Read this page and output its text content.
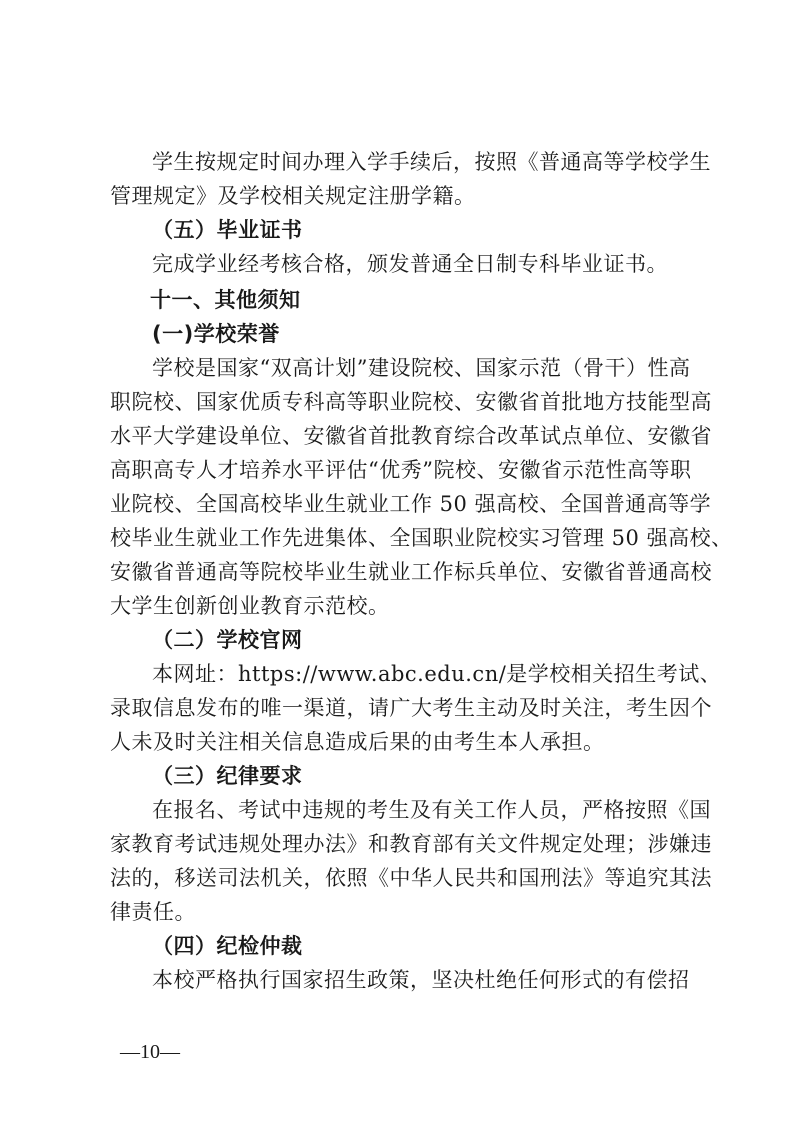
学生按规定时间办理入学手续后，按照《普通高等学校学生
管理规定》及学校相关规定注册学籍。
（五）毕业证书
完成学业经考核合格，颁发普通全日制专科毕业证书。
十一、其他须知
(一)学校荣誉
学校是国家“双高计划”建设院校、国家示范（骨干）性高
职院校、国家优质专科高等职业院校、安徽省首批地方技能型高
水平大学建设单位、安徽省首批教育综合改革试点单位、安徽省
高职高专人才培养水平评估“优秀”院校、安徽省示范性高等职
业院校、全国高校毕业生就业工作 50 强高校、全国普通高等学
校毕业生就业工作先进集体、全国职业院校实习管理 50 强高校、
安徽省普通高等院校毕业生就业工作标兵单位、安徽省普通高校
大学生创新创业教育示范校。
（二）学校官网
本网址：https://www.abc.edu.cn/是学校相关招生考试、
录取信息发布的唯一渠道，请广大考生主动及时关注，考生因个
人未及时关注相关信息造成后果的由考生本人承担。
（三）纪律要求
在报名、考试中违规的考生及有关工作人员，严格按照《国
家教育考试违规处理办法》和教育部有关文件规定处理；涉嫌违
法的，移送司法机关，依照《中华人民共和国刑法》等追究其法
律责任。
（四）纪检仲裁
本校严格执行国家招生政策，坚决杜绝任何形式的有偿招
—10—
